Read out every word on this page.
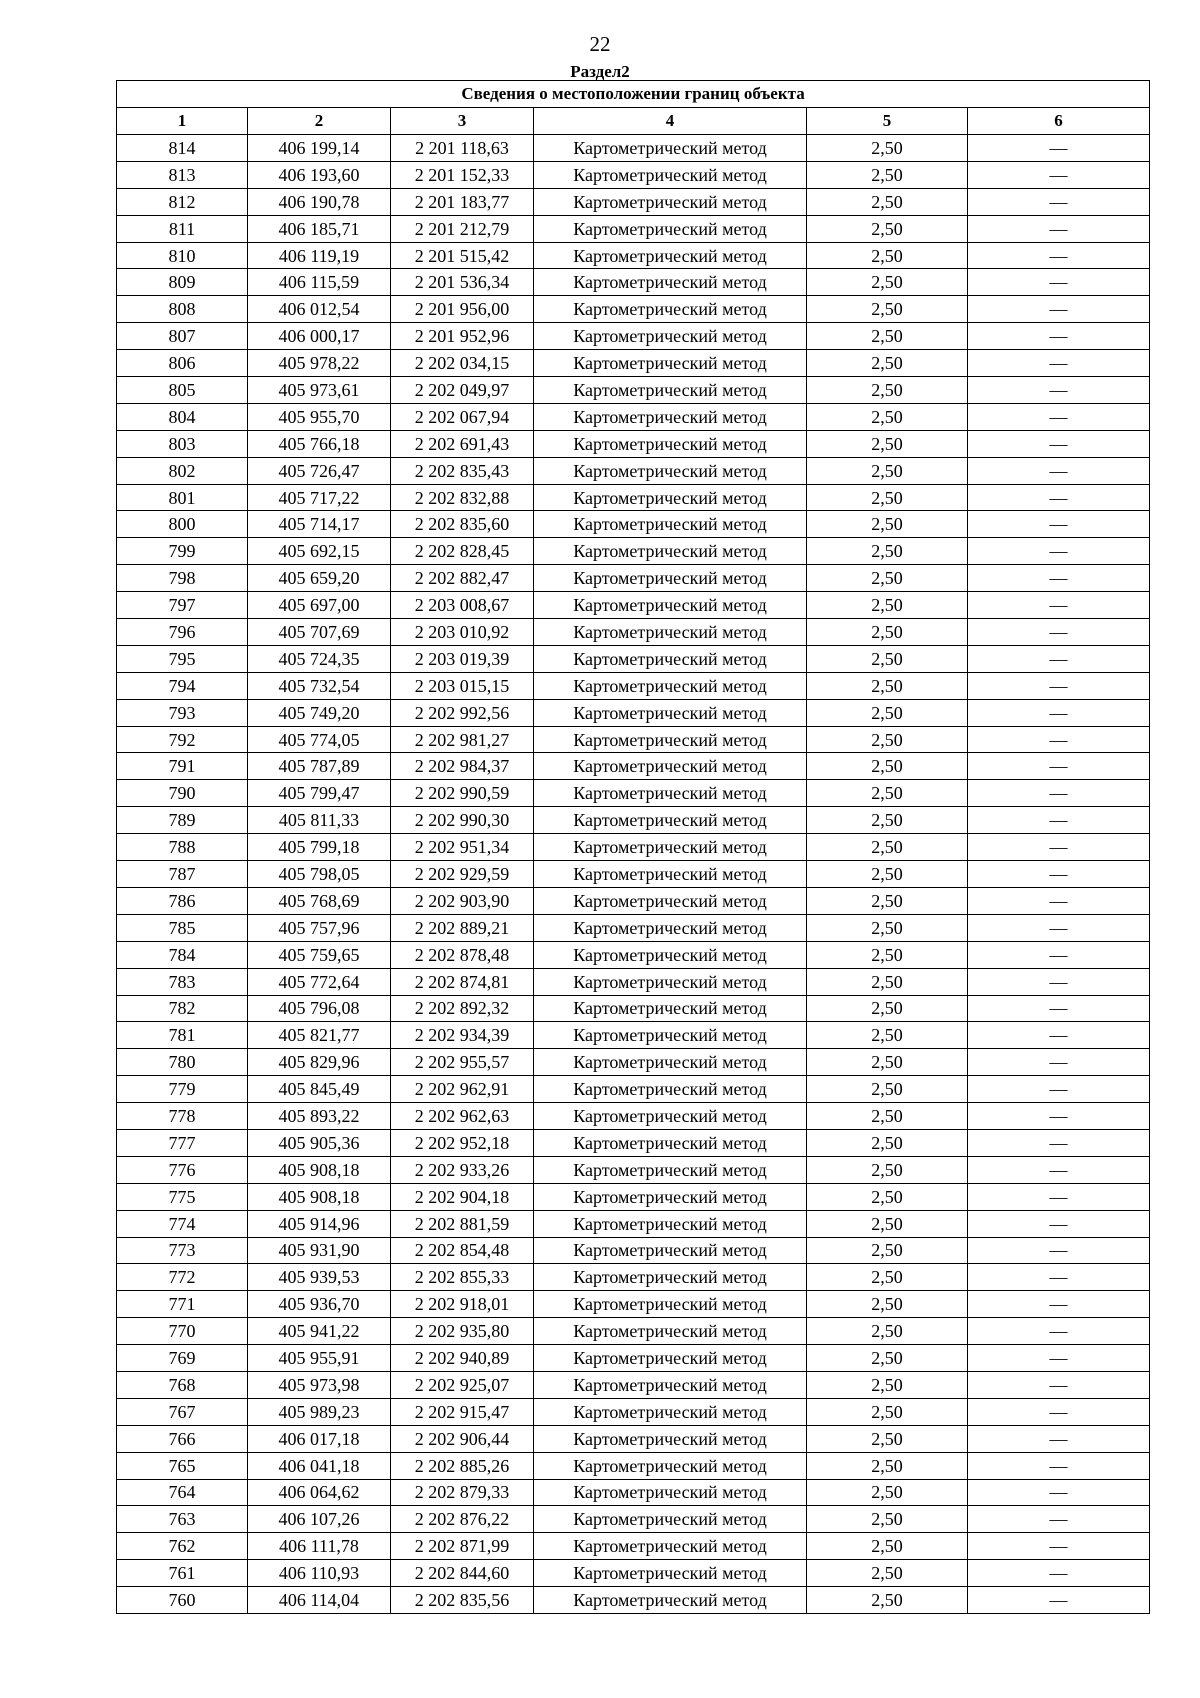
22
Раздел2
Сведения о местоположении границ объекта					
1	2	3	4	5	6
814	406 199,14	2 201 118,63	Картометрический метод	2,50	—
813	406 193,60	2 201 152,33	Картометрический метод	2,50	—
812	406 190,78	2 201 183,77	Картометрический метод	2,50	—
811	406 185,71	2 201 212,79	Картометрический метод	2,50	—
810	406 119,19	2 201 515,42	Картометрический метод	2,50	—
809	406 115,59	2 201 536,34	Картометрический метод	2,50	—
808	406 012,54	2 201 956,00	Картометрический метод	2,50	—
807	406 000,17	2 201 952,96	Картометрический метод	2,50	—
806	405 978,22	2 202 034,15	Картометрический метод	2,50	—
805	405 973,61	2 202 049,97	Картометрический метод	2,50	—
804	405 955,70	2 202 067,94	Картометрический метод	2,50	—
803	405 766,18	2 202 691,43	Картометрический метод	2,50	—
802	405 726,47	2 202 835,43	Картометрический метод	2,50	—
801	405 717,22	2 202 832,88	Картометрический метод	2,50	—
800	405 714,17	2 202 835,60	Картометрический метод	2,50	—
799	405 692,15	2 202 828,45	Картометрический метод	2,50	—
798	405 659,20	2 202 882,47	Картометрический метод	2,50	—
797	405 697,00	2 203 008,67	Картометрический метод	2,50	—
796	405 707,69	2 203 010,92	Картометрический метод	2,50	—
795	405 724,35	2 203 019,39	Картометрический метод	2,50	—
794	405 732,54	2 203 015,15	Картометрический метод	2,50	—
793	405 749,20	2 202 992,56	Картометрический метод	2,50	—
792	405 774,05	2 202 981,27	Картометрический метод	2,50	—
791	405 787,89	2 202 984,37	Картометрический метод	2,50	—
790	405 799,47	2 202 990,59	Картометрический метод	2,50	—
789	405 811,33	2 202 990,30	Картометрический метод	2,50	—
788	405 799,18	2 202 951,34	Картометрический метод	2,50	—
787	405 798,05	2 202 929,59	Картометрический метод	2,50	—
786	405 768,69	2 202 903,90	Картометрический метод	2,50	—
785	405 757,96	2 202 889,21	Картометрический метод	2,50	—
784	405 759,65	2 202 878,48	Картометрический метод	2,50	—
783	405 772,64	2 202 874,81	Картометрический метод	2,50	—
782	405 796,08	2 202 892,32	Картометрический метод	2,50	—
781	405 821,77	2 202 934,39	Картометрический метод	2,50	—
780	405 829,96	2 202 955,57	Картометрический метод	2,50	—
779	405 845,49	2 202 962,91	Картометрический метод	2,50	—
778	405 893,22	2 202 962,63	Картометрический метод	2,50	—
777	405 905,36	2 202 952,18	Картометрический метод	2,50	—
776	405 908,18	2 202 933,26	Картометрический метод	2,50	—
775	405 908,18	2 202 904,18	Картометрический метод	2,50	—
774	405 914,96	2 202 881,59	Картометрический метод	2,50	—
773	405 931,90	2 202 854,48	Картометрический метод	2,50	—
772	405 939,53	2 202 855,33	Картометрический метод	2,50	—
771	405 936,70	2 202 918,01	Картометрический метод	2,50	—
770	405 941,22	2 202 935,80	Картометрический метод	2,50	—
769	405 955,91	2 202 940,89	Картометрический метод	2,50	—
768	405 973,98	2 202 925,07	Картометрический метод	2,50	—
767	405 989,23	2 202 915,47	Картометрический метод	2,50	—
766	406 017,18	2 202 906,44	Картометрический метод	2,50	—
765	406 041,18	2 202 885,26	Картометрический метод	2,50	—
764	406 064,62	2 202 879,33	Картометрический метод	2,50	—
763	406 107,26	2 202 876,22	Картометрический метод	2,50	—
762	406 111,78	2 202 871,99	Картометрический метод	2,50	—
761	406 110,93	2 202 844,60	Картометрический метод	2,50	—
760	406 114,04	2 202 835,56	Картометрический метод	2,50	—
